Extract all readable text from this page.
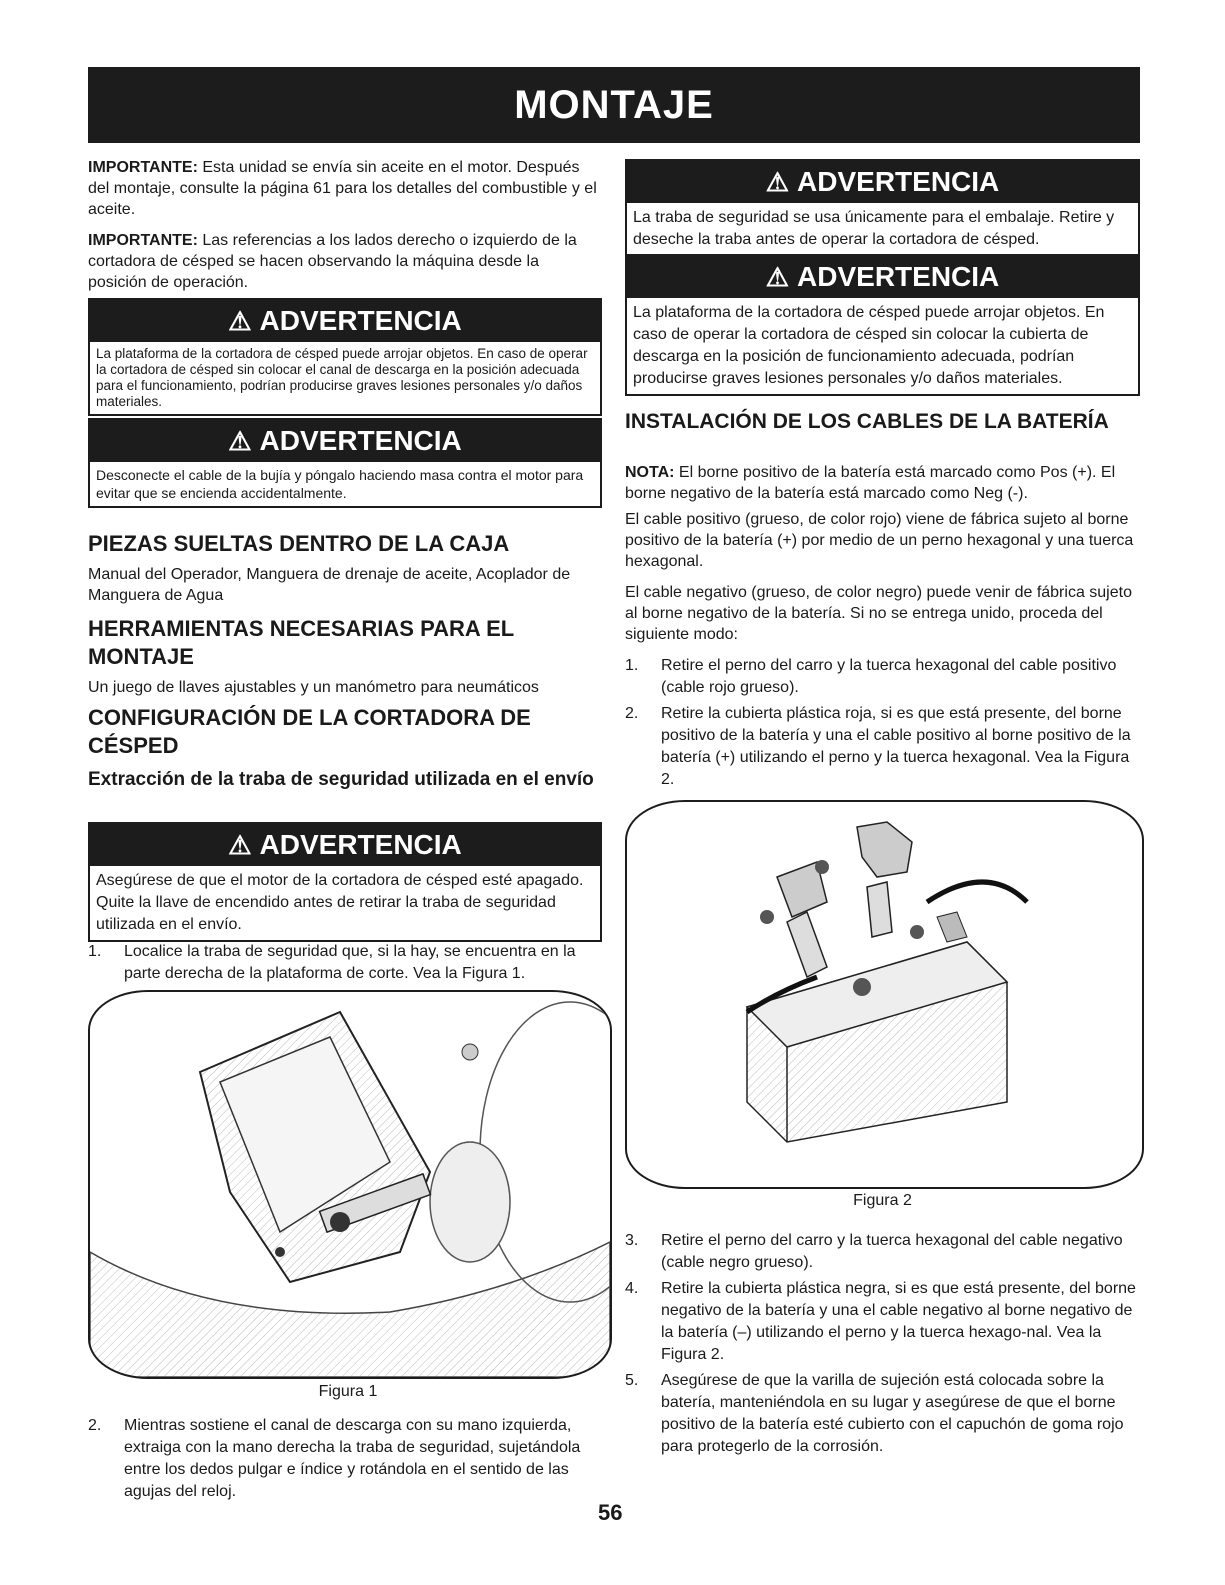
MONTAJE

IMPORTANTE: Esta unidad se envía sin aceite en el motor. Después del montaje, consulte la página 61 para los detalles del combustible y el aceite.

IMPORTANTE: Las referencias a los lados derecho o izquierdo de la cortadora de césped se hacen observando la máquina desde la posición de operación.

⚠ ADVERTENCIA
La plataforma de la cortadora de césped puede arrojar objetos. En caso de operar la cortadora de césped sin colocar el canal de descarga en la posición adecuada para el funcionamiento, podrían producirse graves lesiones personales y/o daños materiales.
⚠ ADVERTENCIA
Desconecte el cable de la bujía y póngalo haciendo masa contra el motor para evitar que se encienda accidentalmente.
PIEZAS SUELTAS DENTRO DE LA CAJA

Manual del Operador, Manguera de drenaje de aceite, Acoplador de Manguera de Agua

HERRAMIENTAS NECESARIAS PARA EL MONTAJE

Un juego de llaves ajustables y un manómetro para neumáticos

CONFIGURACIÓN DE LA CORTADORA DE CÉSPED
Extracción de la traba de seguridad utilizada en el envío
⚠ ADVERTENCIA
Asegúrese de que el motor de la cortadora de césped esté apagado. Quite la llave de encendido antes de retirar la traba de seguridad utilizada en el envío.
1. Localice la traba de seguridad que, si la hay, se encuentra en la parte derecha de la plataforma de corte. Vea la Figura 1.
Figura 1
2. Mientras sostiene el canal de descarga con su mano izquierda, extraiga con la mano derecha la traba de seguridad, sujetándola entre los dedos pulgar e índice y rotándola en el sentido de las agujas del reloj.
⚠ ADVERTENCIA
La traba de seguridad se usa únicamente para el embalaje. Retire y deseche la traba antes de operar la cortadora de césped.
⚠ ADVERTENCIA
La plataforma de la cortadora de césped puede arrojar objetos. En caso de operar la cortadora de césped sin colocar la cubierta de descarga en la posición de funcionamiento adecuada, podrían producirse graves lesiones personales y/o daños materiales.
INSTALACIÓN DE LOS CABLES DE LA BATERÍA

NOTA: El borne positivo de la batería está marcado como Pos (+). El borne negativo de la batería está marcado como Neg (-).

El cable positivo (grueso, de color rojo) viene de fábrica sujeto al borne positivo de la batería (+) por medio de un perno hexagonal y una tuerca hexagonal.

El cable negativo (grueso, de color negro) puede venir de fábrica sujeto al borne negativo de la batería. Si no se entrega unido, proceda del siguiente modo:

1. Retire el perno del carro y la tuerca hexagonal del cable positivo (cable rojo grueso).
2. Retire la cubierta plástica roja, si es que está presente, del borne positivo de la batería y una el cable positivo al borne positivo de la batería (+) utilizando el perno y la tuerca hexagonal. Vea la Figura 2.
Figura 2
3. Retire el perno del carro y la tuerca hexagonal del cable negativo (cable negro grueso).
4. Retire la cubierta plástica negra, si es que está presente, del borne negativo de la batería y una el cable negativo al borne negativo de la batería (–) utilizando el perno y la tuerca hexago-nal. Vea la Figura 2.
5. Asegúrese de que la varilla de sujeción está colocada sobre la batería, manteniéndola en su lugar y asegúrese de que el borne positivo de la batería esté cubierto con el capuchón de goma rojo para protegerlo de la corrosión.
56
